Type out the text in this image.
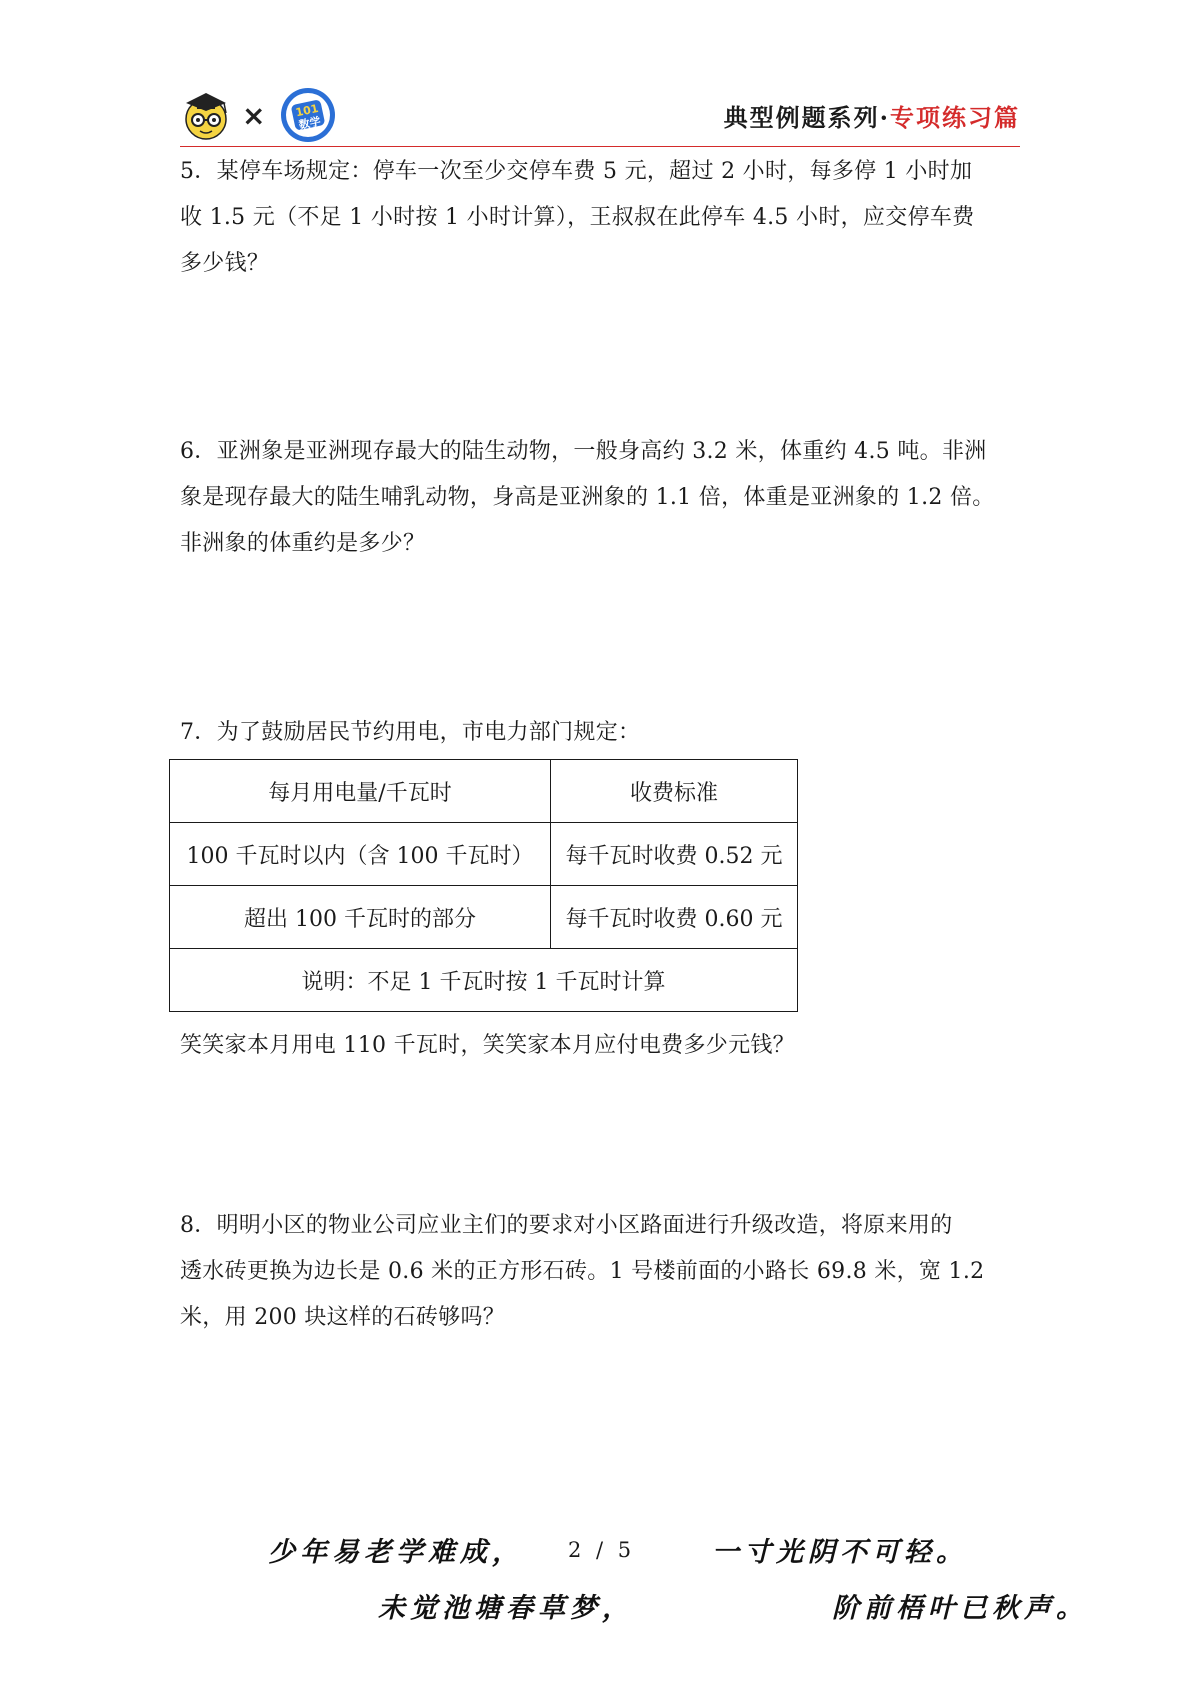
×	101
数学	典型例题系列·专项练习篇

5．某停车场规定：停车一次至少交停车费 5 元，超过 2 小时，每多停 1 小时加

收 1.5 元（不足 1 小时按 1 小时计算），王叔叔在此停车 4.5 小时，应交停车费

多少钱？

6．亚洲象是亚洲现存最大的陆生动物，一般身高约 3.2 米，体重约 4.5 吨。非洲

象是现存最大的陆生哺乳动物，身高是亚洲象的 1.1 倍，体重是亚洲象的 1.2 倍。

非洲象的体重约是多少？

7．为了鼓励居民节约用电，市电力部门规定：

每月用电量/千瓦时	收费标准
100 千瓦时以内（含 100 千瓦时）	每千瓦时收费 0.52 元
超出 100 千瓦时的部分	每千瓦时收费 0.60 元
说明：不足 1 千瓦时按 1 千瓦时计算	

笑笑家本月用电 110 千瓦时，笑笑家本月应付电费多少元钱？

8．明明小区的物业公司应业主们的要求对小区路面进行升级改造，将原来用的

透水砖更换为边长是 0.6 米的正方形石砖。1 号楼前面的小路长 69.8 米，宽 1.2

米，用 200 块这样的石砖够吗？

少年易老学难成， 2 / 5	一寸光阴不可轻。
未觉池塘春草梦，	阶前梧叶已秋声。
